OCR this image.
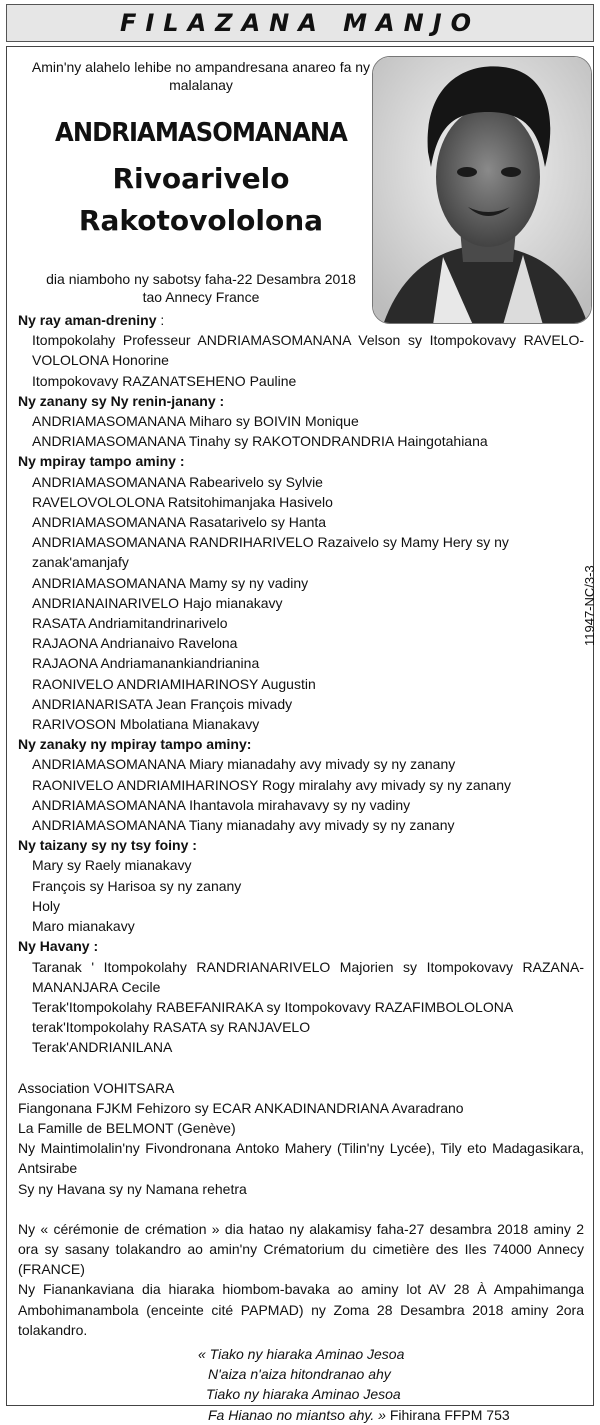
FILAZANA MANJO
Amin'ny alahelo lehibe no ampandresana anareo fa ny malalanay
ANDRIAMASOMANANA
Rivoarivelo
Rakotovololona
dia niamboho ny sabotsy faha-22 Desambra 2018
tao Annecy France
11947-NC/3-3
Ny ray aman-dreniny :
Itompokolahy Professeur ANDRIAMASOMANANA Velson sy Itompokovavy RAVELO-VOLOLONA Honorine
Itompokovavy RAZANATSEHENO Pauline
Ny zanany sy Ny renin-janany :
ANDRIAMASOMANANA Miharo sy BOIVIN Monique
ANDRIAMASOMANANA Tinahy sy RAKOTONDRANDRIA Haingotahiana
Ny mpiray tampo aminy :
ANDRIAMASOMANANA Rabearivelo sy Sylvie
RAVELOVOLOLONA Ratsitohimanjaka Hasivelo
ANDRIAMASOMANANA Rasatarivelo sy Hanta
ANDRIAMASOMANANA RANDRIHARIVELO Razaivelo sy Mamy Hery sy ny zanak'amanjafy
ANDRIAMASOMANANA Mamy sy ny vadiny
ANDRIANAINARIVELO Hajo mianakavy
RASATA Andriamitandrinarivelo
RAJAONA Andrianaivo Ravelona
RAJAONA Andriamanankiandrianina
RAONIVELO ANDRIAMIHARINOSY Augustin
ANDRIANARISATA Jean François mivady
RARIVOSON Mbolatiana Mianakavy
Ny zanaky ny mpiray tampo aminy:
ANDRIAMASOMANANA Miary mianadahy avy mivady sy ny zanany
RAONIVELO ANDRIAMIHARINOSY Rogy miralahy avy mivady sy ny zanany
ANDRIAMASOMANANA Ihantavola mirahavavy sy ny vadiny
ANDRIAMASOMANANA Tiany mianadahy avy mivady sy ny zanany
Ny taizany sy ny tsy foiny :
Mary sy Raely mianakavy
François sy Harisoa sy ny zanany
Holy
Maro mianakavy
Ny Havany :
Taranak ' Itompokolahy RANDRIANARIVELO Majorien sy Itompokovavy RAZANA-MANANJARA Cecile
Terak'Itompokolahy RABEFANIRAKA sy Itompokovavy RAZAFIMBOLOLONA
terak'Itompokolahy RASATA sy RANJAVELO
Terak'ANDRIANILANA
Association VOHITSARA
Fiangonana FJKM Fehizoro sy ECAR ANKADINANDRIANA Avaradrano
La Famille de BELMONT (Genève)
Ny Maintimolalin'ny Fivondronana Antoko Mahery (Tilin'ny Lycée), Tily eto Madagasikara, Antsirabe
Sy ny Havana sy ny Namana rehetra
Ny « cérémonie de crémation » dia hatao ny alakamisy faha-27 desambra 2018 aminy 2 ora sy sasany tolakandro ao amin'ny Crématorium du cimetière des Iles 74000 Annecy (FRANCE)
Ny Fianankaviana dia hiaraka hiombom-bavaka ao aminy lot AV 28 À Ampahimanga Ambohimanambola (enceinte cité PAPMAD) ny Zoma 28 Desambra 2018 aminy 2ora tolakandro.
« Tiako ny hiaraka Aminao Jesoa
N'aiza n'aiza hitondranao ahy
Tiako ny hiaraka Aminao Jesoa
Fa Hianao no miantso ahy. » Fihirana FFPM 753
